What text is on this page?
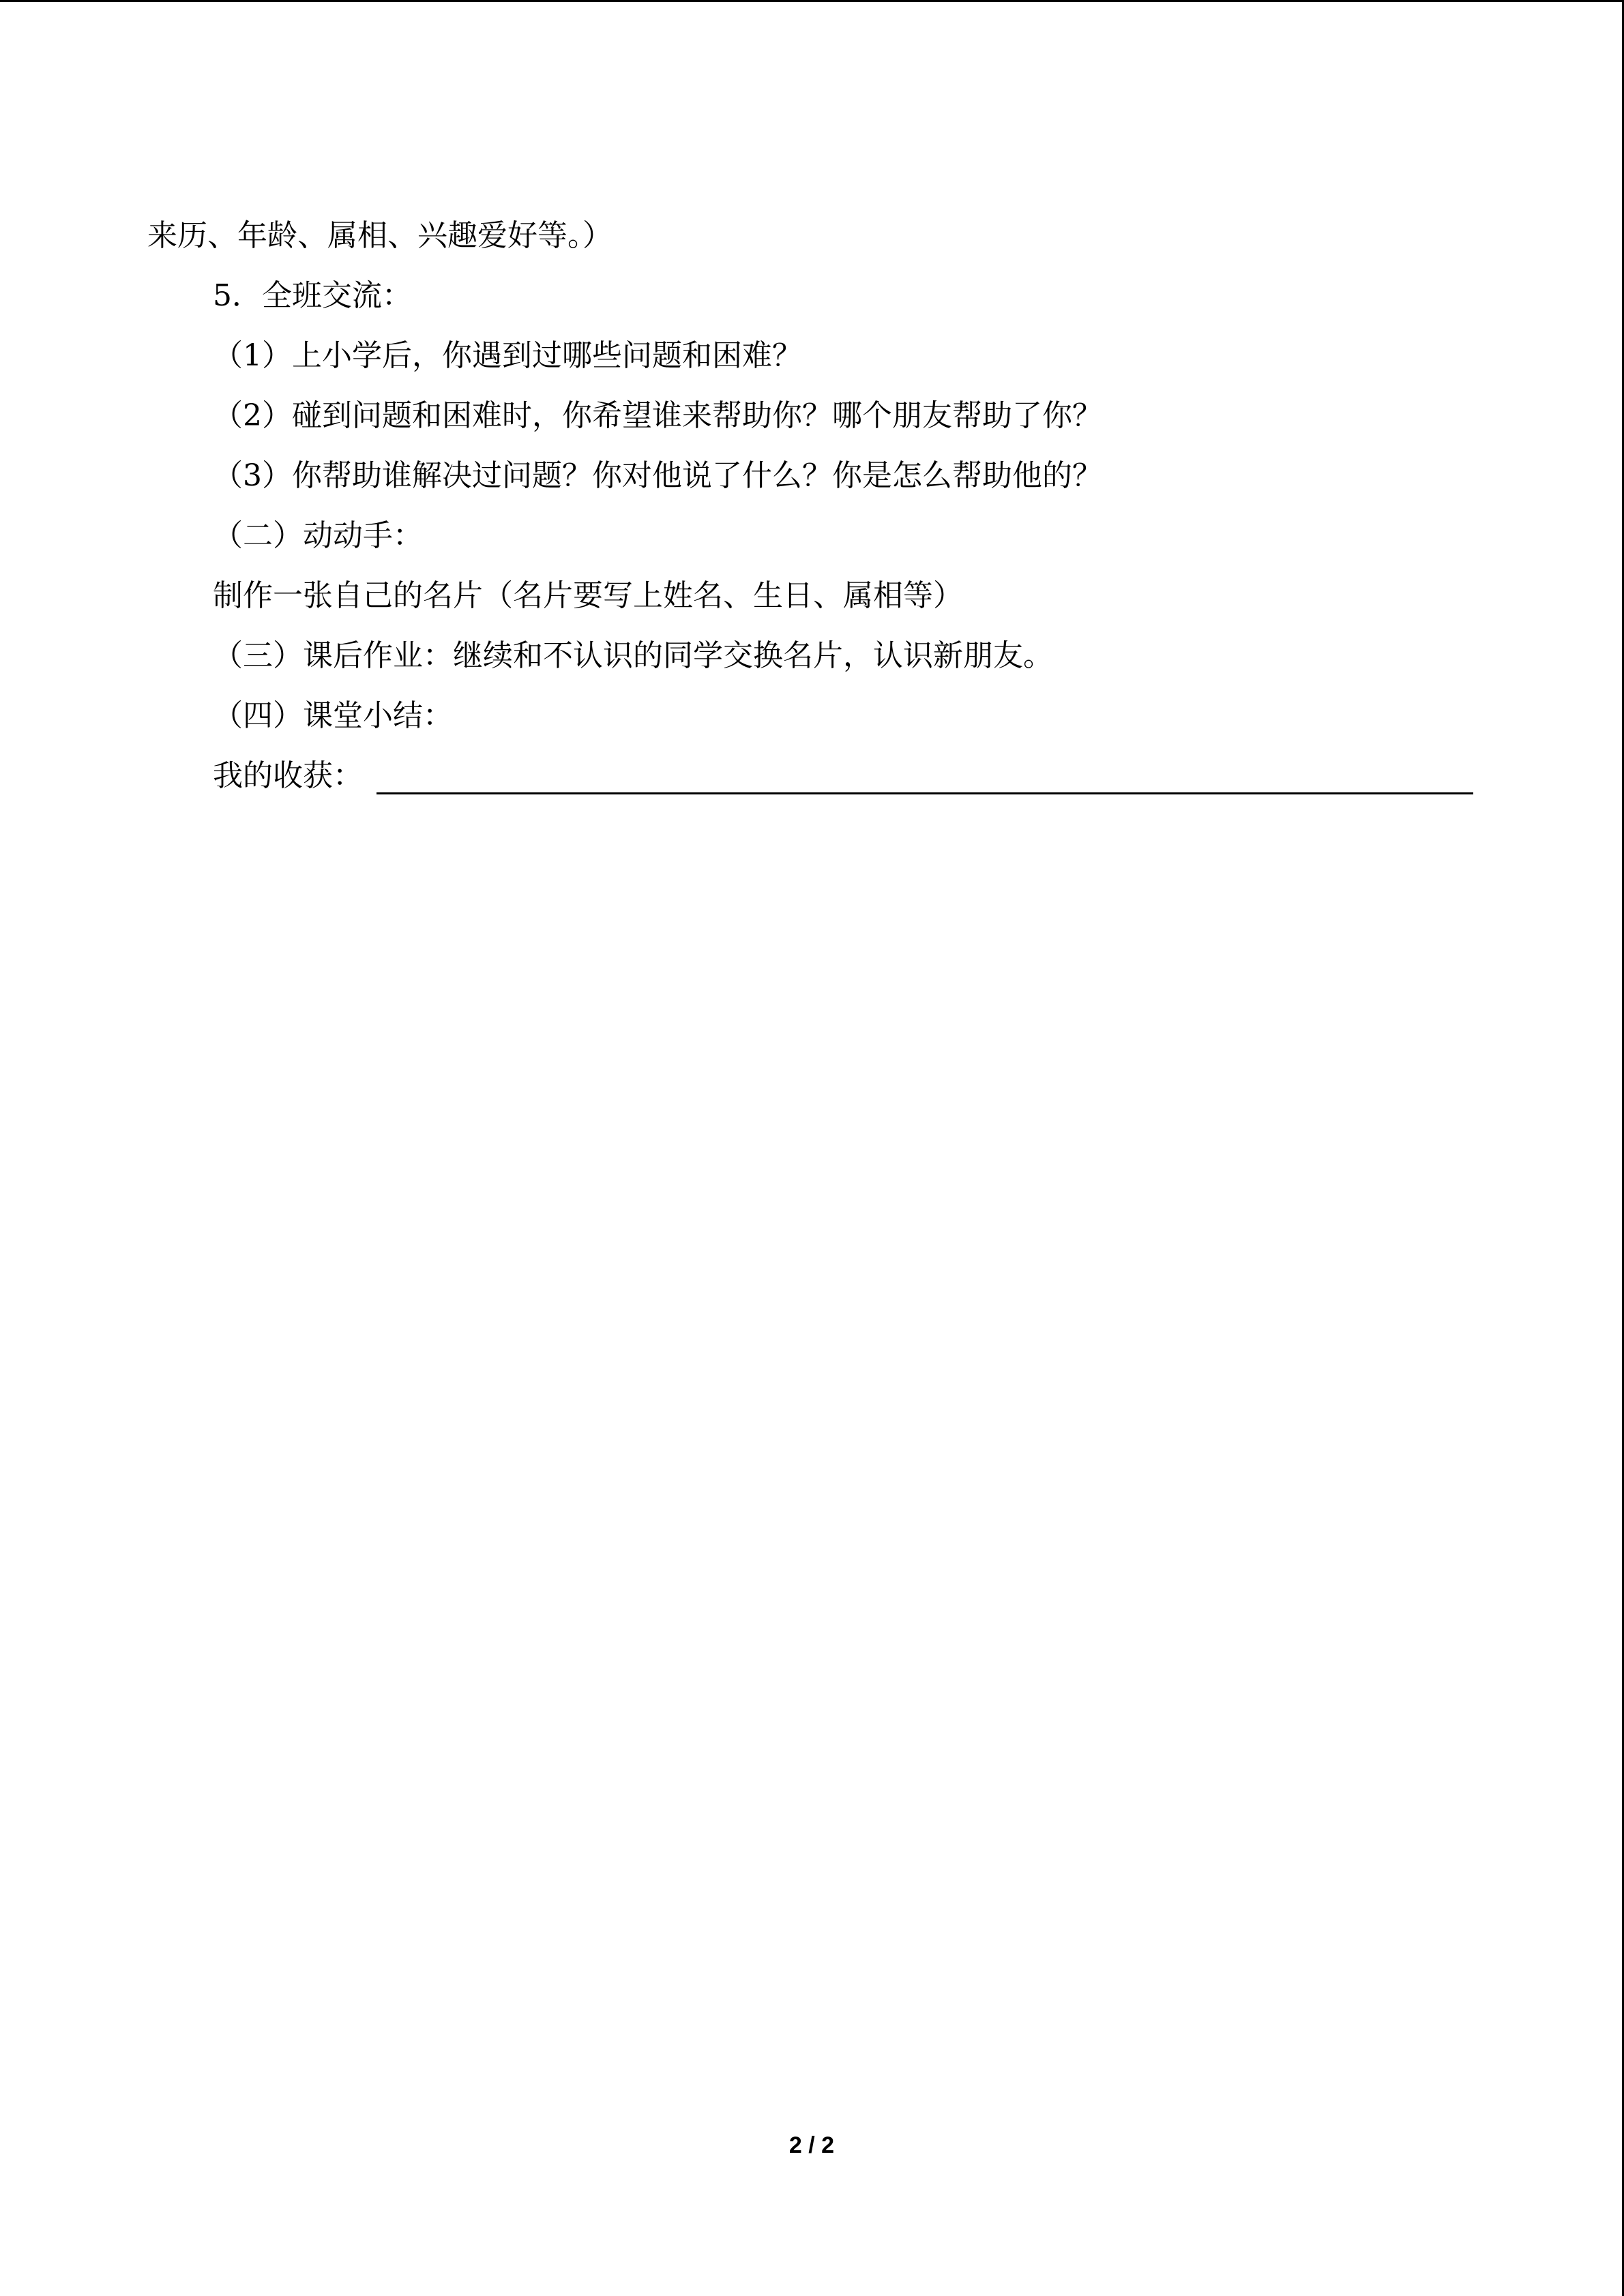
来历、年龄、属相、兴趣爱好等。）
5．全班交流：
（1）上小学后，你遇到过哪些问题和困难？
（2）碰到问题和困难时，你希望谁来帮助你？哪个朋友帮助了你？
（3）你帮助谁解决过问题？你对他说了什么？你是怎么帮助他的？
（二）动动手：
制作一张自己的名片（名片要写上姓名、生日、属相等）
（三）课后作业：继续和不认识的同学交换名片，认识新朋友。
（四）课堂小结：
我的收获：
2 / 2
